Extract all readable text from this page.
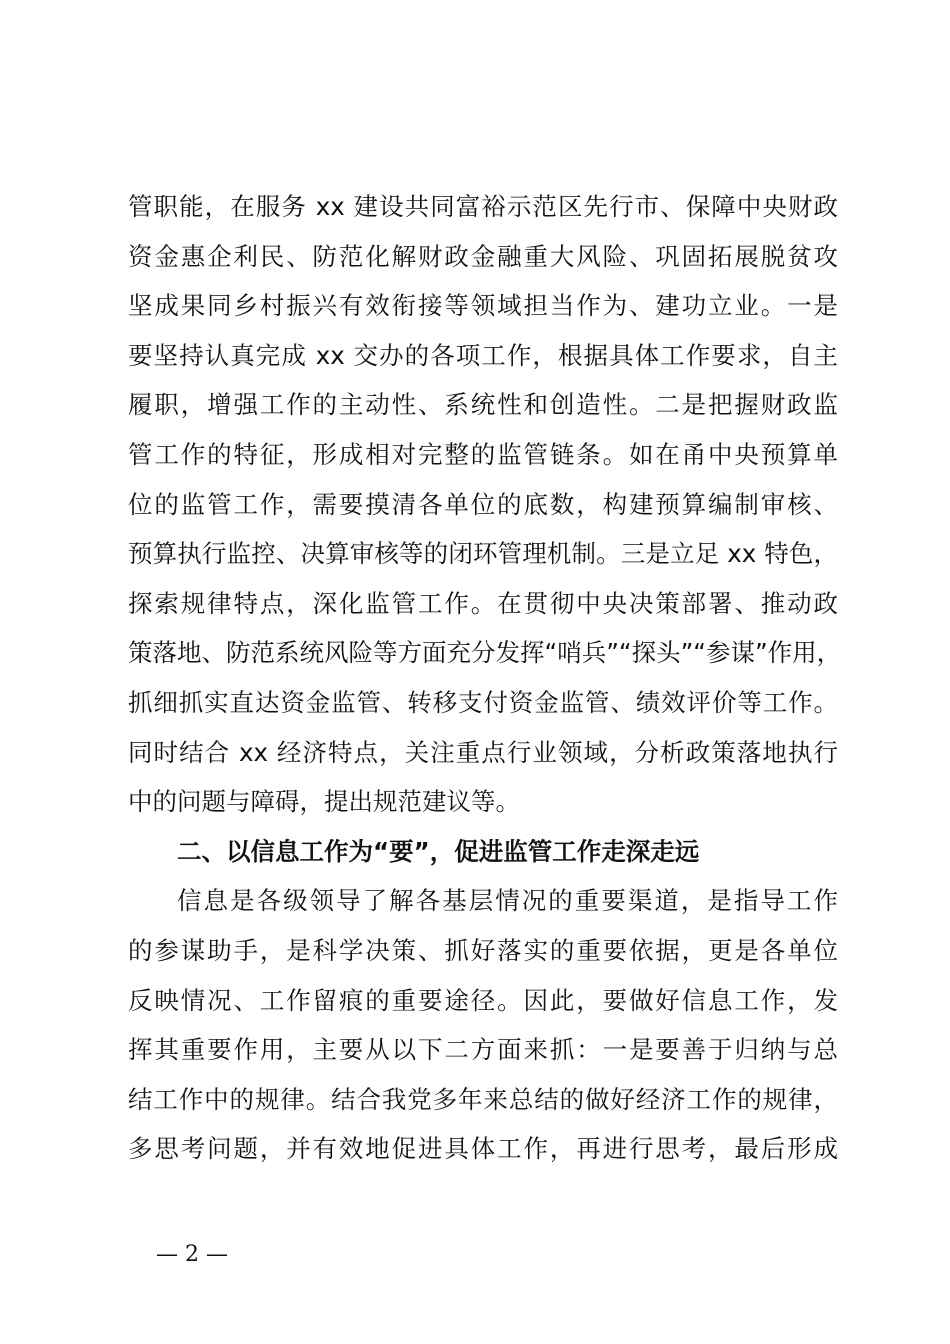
管职能，在服务 xx 建设共同富裕示范区先行市、保障中央财政
资金惠企利民、防范化解财政金融重大风险、巩固拓展脱贫攻
坚成果同乡村振兴有效衔接等领域担当作为、建功立业。一是
要坚持认真完成 xx 交办的各项工作，根据具体工作要求，自主
履职，增强工作的主动性、系统性和创造性。二是把握财政监
管工作的特征，形成相对完整的监管链条。如在甬中央预算单
位的监管工作，需要摸清各单位的底数，构建预算编制审核、
预算执行监控、决算审核等的闭环管理机制。三是立足 xx 特色，
探索规律特点，深化监管工作。在贯彻中央决策部署、推动政
策落地、防范系统风险等方面充分发挥“哨兵”“探头”“参谋”作用，
抓细抓实直达资金监管、转移支付资金监管、绩效评价等工作。
同时结合 xx 经济特点，关注重点行业领域，分析政策落地执行
中的问题与障碍，提出规范建议等。
二、以信息工作为“要”，促进监管工作走深走远
信息是各级领导了解各基层情况的重要渠道，是指导工作
的参谋助手，是科学决策、抓好落实的重要依据，更是各单位
反映情况、工作留痕的重要途径。因此，要做好信息工作，发
挥其重要作用，主要从以下二方面来抓：一是要善于归纳与总
结工作中的规律。结合我党多年来总结的做好经济工作的规律，
多思考问题，并有效地促进具体工作，再进行思考，最后形成
— 2 —
